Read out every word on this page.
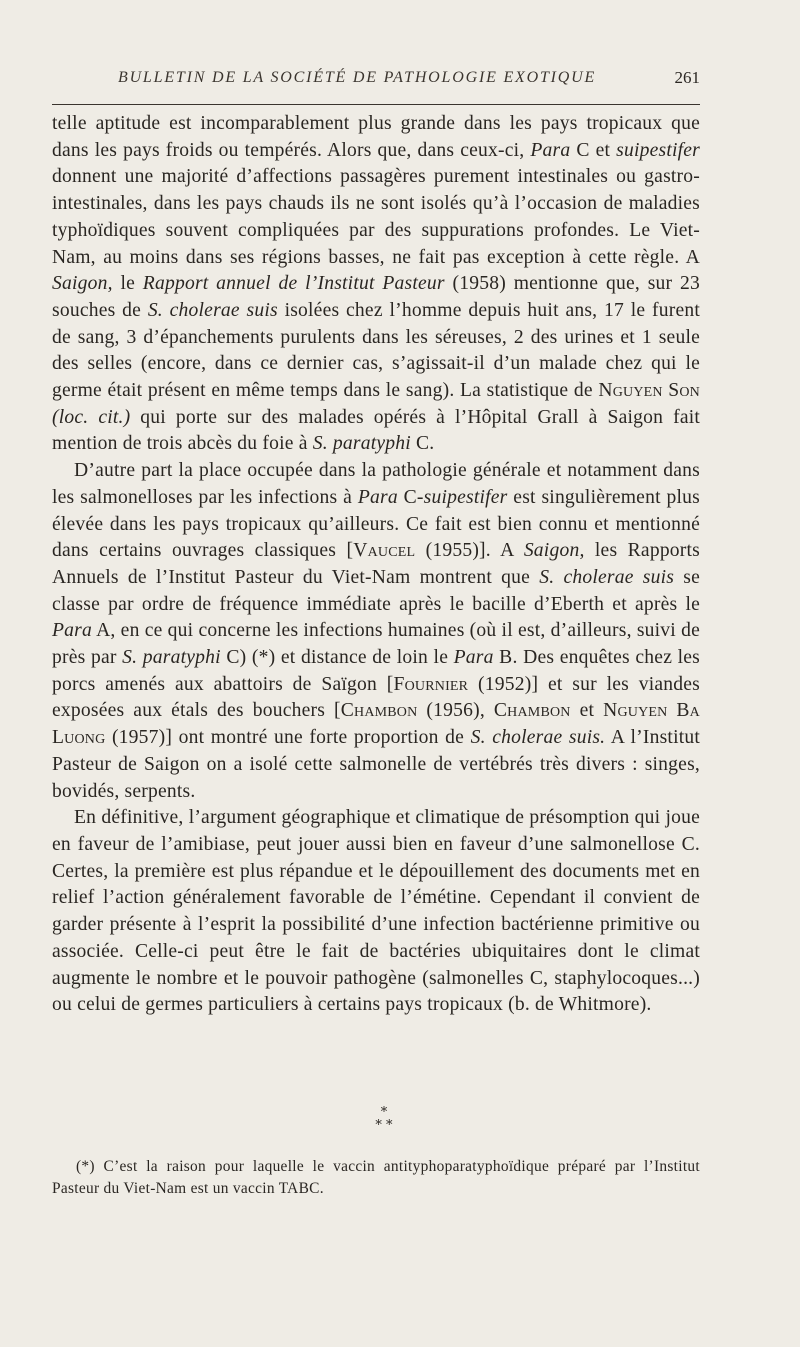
BULLETIN DE LA SOCIÉTÉ DE PATHOLOGIE EXOTIQUE	261

telle aptitude est incomparablement plus grande dans les pays tropicaux que dans les pays froids ou tempérés. Alors que, dans ceux-ci, Para C et suipestifer donnent une majorité d’affections passagères purement intestinales ou gastro-intestinales, dans les pays chauds ils ne sont isolés qu’à l’occasion de maladies typhoïdiques souvent compliquées par des suppurations profondes. Le Viet-Nam, au moins dans ses régions basses, ne fait pas exception à cette règle. A Saigon, le Rapport annuel de l’Institut Pasteur (1958) mentionne que, sur 23 souches de S. cholerae suis isolées chez l’homme depuis huit ans, 17 le furent de sang, 3 d’épanchements purulents dans les séreuses, 2 des urines et 1 seule des selles (encore, dans ce dernier cas, s’agissait-il d’un malade chez qui le germe était présent en même temps dans le sang). La statistique de Nguyen Son (loc. cit.) qui porte sur des malades opérés à l’Hôpital Grall à Saigon fait mention de trois abcès du foie à S. paratyphi C.

D’autre part la place occupée dans la pathologie générale et notamment dans les salmonelloses par les infections à Para C-suipestifer est singulièrement plus élevée dans les pays tropicaux qu’ailleurs. Ce fait est bien connu et mentionné dans certains ouvrages classiques [Vaucel (1955)]. A Saigon, les Rapports Annuels de l’Institut Pasteur du Viet-Nam montrent que S. cholerae suis se classe par ordre de fréquence immédiate après le bacille d’Eberth et après le Para A, en ce qui concerne les infections humaines (où il est, d’ailleurs, suivi de près par S. paratyphi C) (*) et distance de loin le Para B. Des enquêtes chez les porcs amenés aux abattoirs de Saïgon [Fournier (1952)] et sur les viandes exposées aux étals des bouchers [Chambon (1956), Chambon et Nguyen Ba Luong (1957)] ont montré une forte proportion de S. cholerae suis. A l’Institut Pasteur de Saigon on a isolé cette salmonelle de vertébrés très divers : singes, bovidés, serpents.

En définitive, l’argument géographique et climatique de présomption qui joue en faveur de l’amibiase, peut jouer aussi bien en faveur d’une salmonellose C. Certes, la première est plus répandue et le dépouillement des documents met en relief l’action généralement favorable de l’émétine. Cependant il convient de garder présente à l’esprit la possibilité d’une infection bactérienne primitive ou associée. Celle-ci peut être le fait de bactéries ubiquitaires dont le climat augmente le nombre et le pouvoir pathogène (salmonelles C, staphylocoques...) ou celui de germes particuliers à certains pays tropicaux (b. de Whitmore).

*
* *

(*) C’est la raison pour laquelle le vaccin antityphoparatyphoïdique préparé par l’Institut Pasteur du Viet-Nam est un vaccin TABC.
